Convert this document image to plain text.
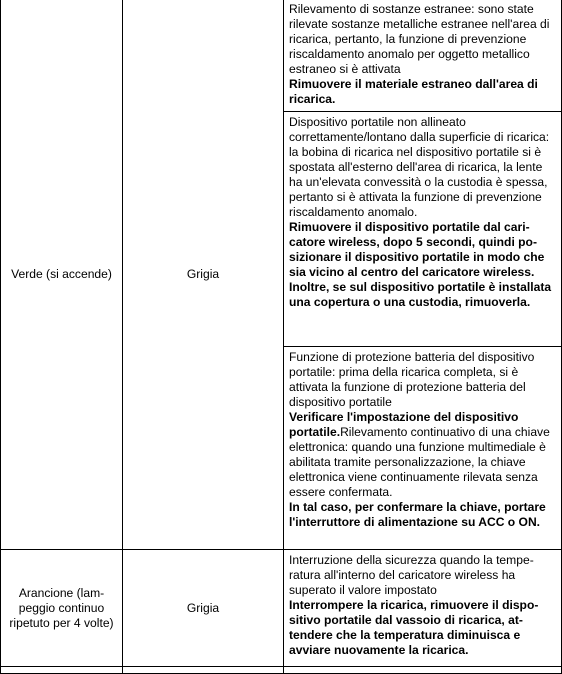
Verde (si accende)	Grigia	Rilevamento di sostanze estranee: sono state rilevate sostanze metalliche estranee nell'area di ricarica, pertanto, la funzione di prevenzione riscaldamento anomalo per oggetto metallico estraneo si è attivata
Rimuovere il materiale estraneo dall'area di ricarica.

		Dispositivo portatile non allineato correttamente/lontano dalla superficie di ricarica: la bobina di ricarica nel dispositivo portatile si è spostata all'esterno dell'area di ricarica, la lente ha un'elevata convessità o la custodia è spessa, pertanto si è attivata la funzione di prevenzione riscaldamento anomalo.
Rimuovere il dispositivo portatile dal caricatore wireless, dopo 5 secondi, quindi posizionare il dispositivo portatile in modo che sia vicino al centro del caricatore wireless. Inoltre, se sul dispositivo portatile è installata una copertura o una custodia, rimuoverla.

		Funzione di protezione batteria del dispositivo portatile: prima della ricarica completa, si è attivata la funzione di protezione batteria del dispositivo portatile
Verificare l'impostazione del dispositivo portatile.Rilevamento continuativo di una chiave elettronica: quando una funzione multimediale è abilitata tramite personalizzazione, la chiave elettronica viene continuamente rilevata senza essere confermata.
In tal caso, per confermare la chiave, portare l'interruttore di alimentazione su ACC o ON.

Arancione (lampeggio continuo ripetuto per 4 volte)	Grigia	Interruzione della sicurezza quando la temperatura all'interno del caricatore wireless ha superato il valore impostato
Interrompere la ricarica, rimuovere il dispositivo portatile dal vassoio di ricarica, attendere che la temperatura diminuisca e avviare nuovamente la ricarica.
